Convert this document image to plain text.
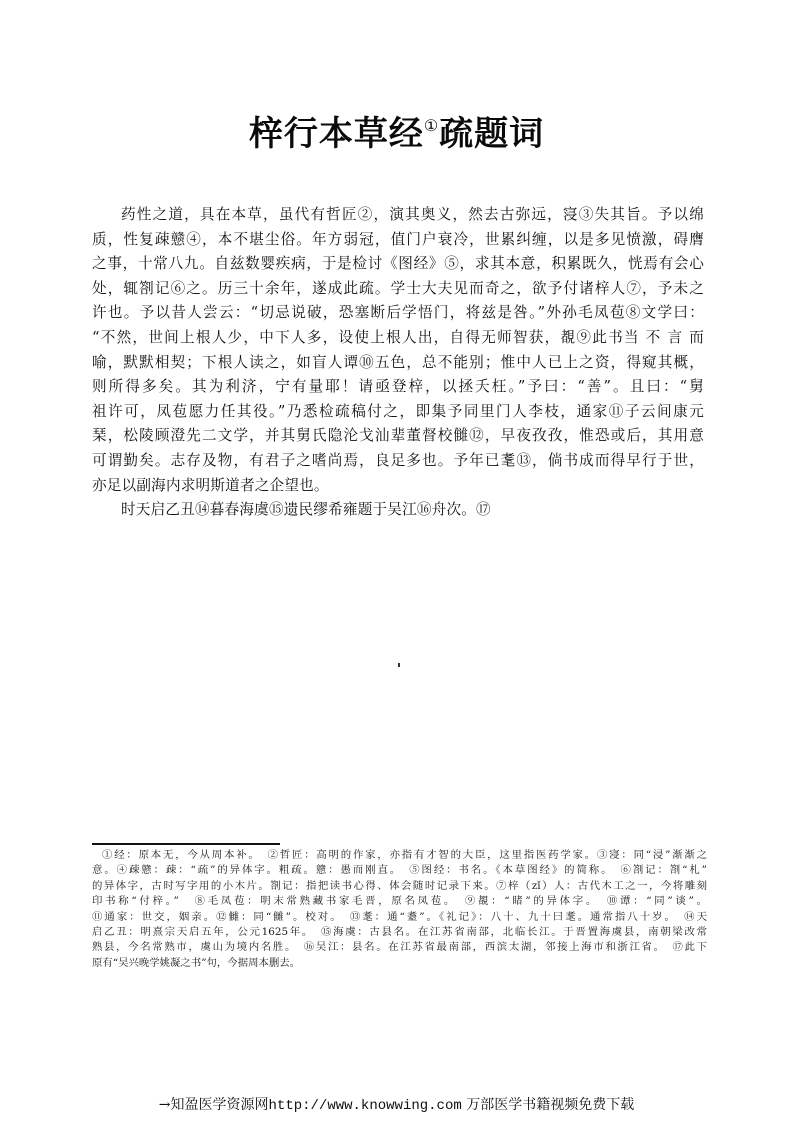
梓行本草经①疏题词
药性之道，具在本草，虽代有哲匠②，演其奥义，然去古弥远，寖③失其旨。予以绵
质，性复疎戆④，本不堪尘俗。年方弱冠，值门户衰冷，世累纠缠，以是多见愤激，碍膺
之事，十常八九。自兹数婴疾病，于是检讨《图经》⑤，求其本意，积累既久，恍焉有会心
处，辄劄记⑥之。历三十余年，遂成此疏。学士大夫见而奇之，欲予付诸梓人⑦，予未之
许也。予以昔人尝云：“切忌说破，恐塞断后学悟门，将兹是咎。”外孙毛凤苞⑧文学曰：
“不然，世间上根人少，中下人多，设使上根人出，自得无师智获，覩⑨此书当 不 言 而
喻，默默相契；下根人读之，如盲人谭⑩五色，总不能别；惟中人已上之资，得窥其概，
则所得多矣。其为利济，宁有量耶！请亟登梓，以拯夭枉。”予曰：“善”。且曰：“舅
祖许可，凤苞愿力任其役。”乃悉检疏稿付之，即集予同里门人李枝，通家⑪子云间康元
琹，松陵顾澄先二文学，并其舅氏隐沦戈汕辈董督校雠⑫，早夜孜孜，惟恐或后，其用意
可谓勤矣。志存及物，有君子之嗜尚焉，良足多也。予年已耄⑬，倘书成而得早行于世，
亦足以副海内求明斯道者之企望也。
时天启乙丑⑭暮春海虞⑮遗民缪希雍题于吴江⑯舟次。⑰
①经：原本无，今从周本补。　②哲匠：高明的作家，亦指有才智的大臣，这里指医药学家。③寖：同“浸”渐渐之
意。④疎戆：疎：“疏”的异体字。粗疏。戆：愚而刚直。　⑤图经：书名。《本草图经》的简称。　⑥劄记：劄“札”
的异体字，古时写字用的小木片。劄记：指把读书心得、体会随时记录下来。⑦梓（zǐ）人：古代木工之一，今将雕刻
印书称“付梓。”　⑧毛凤苞：明末常熟藏书家毛晋，原名凤苞。　⑨覩：“睹”的异体字。　⑩谭：“同”谈”。
⑪通家：世交，姻亲。⑫雠：同“雠”。校对。　⑬耄：通“耋”。《礼记》：八十、九十曰耄。通常指八十岁。　⑭天
启乙丑：明熹宗天启五年，公元1625年。　⑮海虞：古县名。在江苏省南部，北临长江。于晋置海虞县，南朝梁改常
熟县，今名常熟市，虞山为境内名胜。　⑯吴江：县名。在江苏省最南部，西滨太湖，邻接上海市和浙江省。　⑰此下
原有“吴兴晚学姚凝之书”句，今据周本删去。
→知盈医学资源网http://www.knowwing.com 万部医学书籍视频免费下载
